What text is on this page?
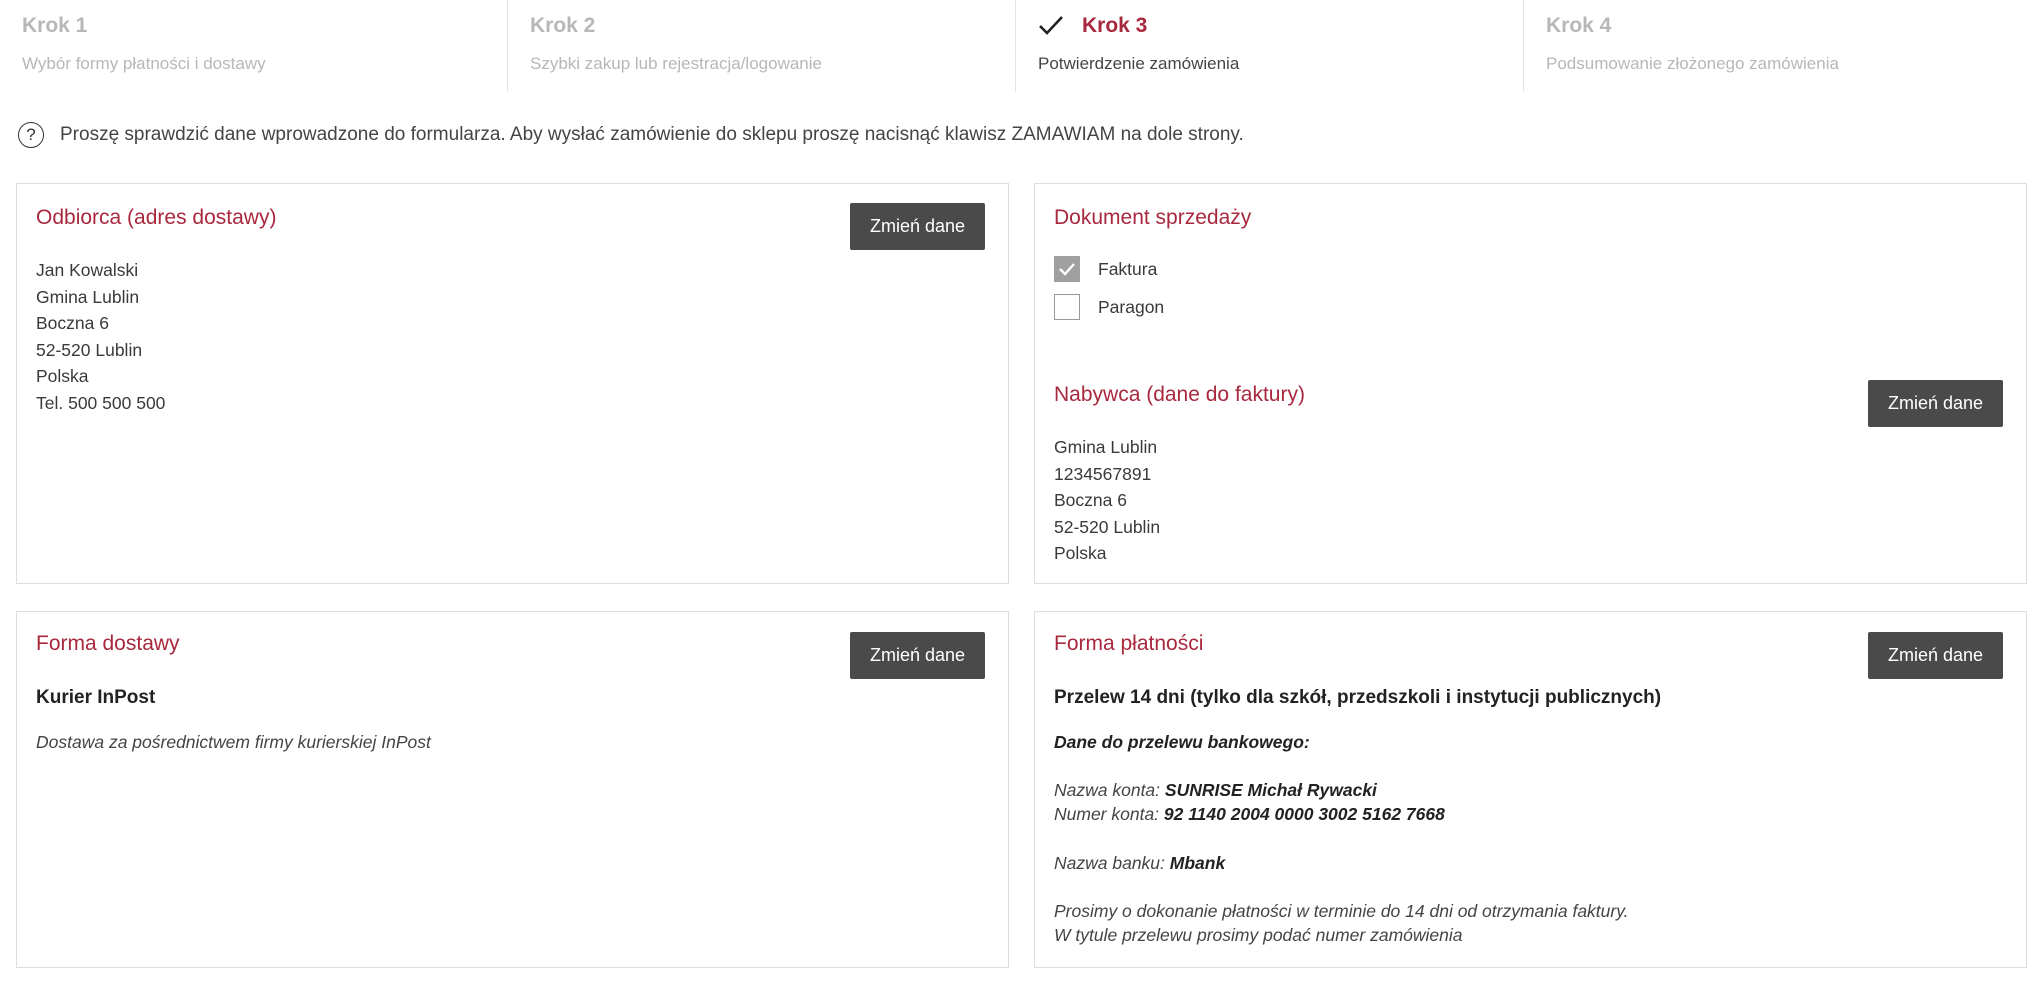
Krok 1
Wybór formy płatności i dostawy
Krok 2
Szybki zakup lub rejestracja/logowanie
Krok 3
Potwierdzenie zamówienia
Krok 4
Podsumowanie złożonego zamówienia
?	Proszę sprawdzić dane wprowadzone do formularza. Aby wysłać zamówienie do sklepu proszę nacisnąć klawisz ZAMAWIAM na dole strony.
Odbiorca (adres dostawy)	Zmień dane
Jan Kowalski
Gmina Lublin
Boczna 6
52-520 Lublin
Polska
Tel. 500 500 500
Dokument sprzedaży
Faktura
Paragon
Nabywca (dane do faktury)	Zmień dane
Gmina Lublin
1234567891
Boczna 6
52-520 Lublin
Polska
Forma dostawy	Zmień dane
Kurier InPost
Dostawa za pośrednictwem firmy kurierskiej InPost
Forma płatności	Zmień dane
Przelew 14 dni (tylko dla szkół, przedszkoli i instytucji publicznych)
Dane do przelewu bankowego:
Nazwa konta: SUNRISE Michał Rywacki
Numer konta: 92 1140 2004 0000 3002 5162 7668
Nazwa banku: Mbank
Prosimy o dokonanie płatności w terminie do 14 dni od otrzymania faktury.
W tytule przelewu prosimy podać numer zamówienia
